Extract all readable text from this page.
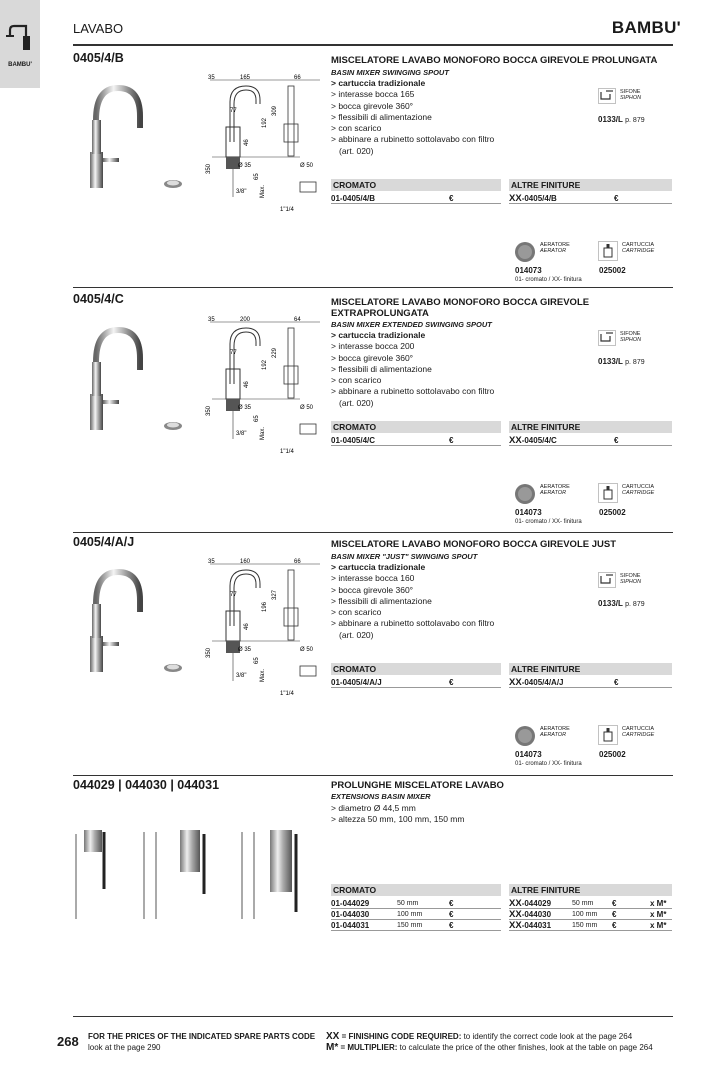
BAMBU'
LAVABO	BAMBU'
0405/4/B	MISCELATORE LAVABO MONOFORO BOCCA GIREVOLE PROLUNGATA
BASIN MIXER SWINGING SPOUT
> cartuccia tradizionale
> interasse bocca 165
> bocca girevole 360°
> flessibili di alimentazione
> con scarico
> abbinare a rubinetto sottolavabo con filtro
(art. 020)
35	165	66
309
192
46
77
350
65
Ø 35	Ø 50
Max.
3/8"
1"1/4
SIFONE
SIPHON
0133/L p. 879
CROMATO	ALTRE FINITURE
01-0405/4/B	€	XX -0405/4/B	€
AERATORE
AERATOR
CARTUCCIA
CARTRIDGE
014073	025002
01- cromato / XX- finitura
0405/4/C	MISCELATORE LAVABO MONOFORO BOCCA GIREVOLE EXTRAPROLUNGATA
BASIN MIXER EXTENDED SWINGING SPOUT
> cartuccia tradizionale
> interasse bocca 200
> bocca girevole 360°
> flessibili di alimentazione
> con scarico
> abbinare a rubinetto sottolavabo con filtro
(art. 020)
35	200	64
229
192
46
77
350
65
Ø 35	Ø 50
Max.
3/8"
1"1/4
SIFONE
SIPHON
0133/L p. 879
CROMATO	ALTRE FINITURE
01-0405/4/C	€	XX -0405/4/C	€
AERATORE
AERATOR
CARTUCCIA
CARTRIDGE
014073	025002
01- cromato / XX- finitura
0405/4/A/J	MISCELATORE LAVABO MONOFORO BOCCA GIREVOLE JUST
BASIN MIXER "JUST" SWINGING SPOUT
> cartuccia tradizionale
> interasse bocca 160
> bocca girevole 360°
> flessibili di alimentazione
> con scarico
> abbinare a rubinetto sottolavabo con filtro
(art. 020)
35	160	66
327
196
46
77
350
65
Ø 35	Ø 50
Max.
3/8"
1"1/4
SIFONE
SIPHON
0133/L p. 879
CROMATO	ALTRE FINITURE
01-0405/4/A/J	€	XX -0405/4/A/J	€
AERATORE
AERATOR
CARTUCCIA
CARTRIDGE
014073	025002
01- cromato / XX- finitura
044029 | 044030 | 044031	PROLUNGHE MISCELATORE LAVABO
EXTENSIONS BASIN MIXER
> diametro Ø 44,5 mm
> altezza 50 mm, 100 mm, 150 mm
CROMATO	ALTRE FINITURE
01-044029	50 mm	€	XX -044029	50 mm €	x M*
01-044030	100 mm	€	XX -044030	100 mm €	x M*
01-044031	150 mm	€	XX -044031	150 mm €	x M*
268 FOR THE PRICES OF THE INDICATED SPARE PARTS CODE
look at the page 290
XX = FINISHING CODE REQUIRED: to identify the correct code look at the page 264
M* = MULTIPLIER: to calculate the price of the other finishes, look at the table on page 264
